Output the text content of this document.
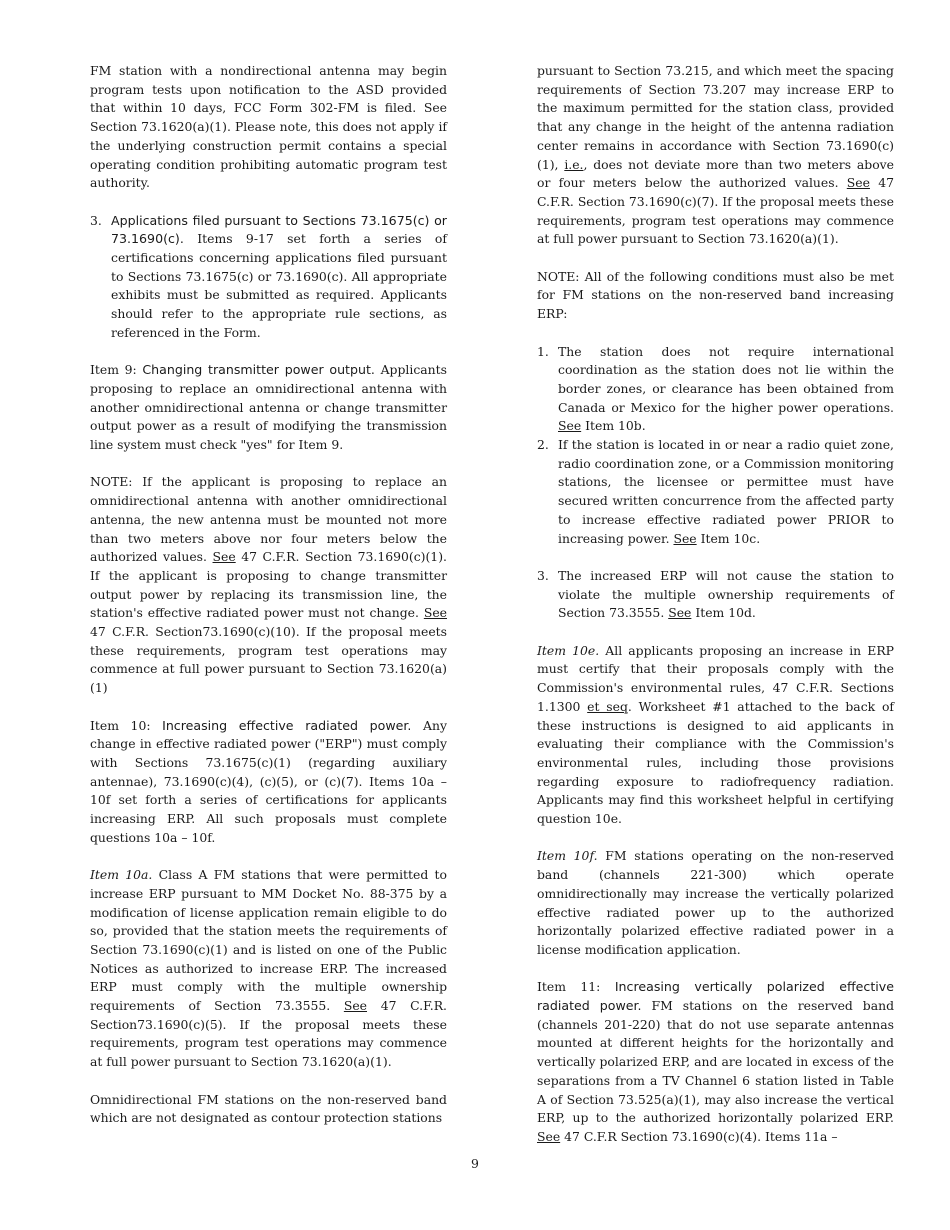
FM station with a nondirectional antenna may begin program tests upon notification to the ASD provided that within 10 days, FCC Form 302-FM is filed. See Section 73.1620(a)(1). Please note, this does not apply if the underlying construction permit contains a special operating condition prohibiting automatic program test authority.

3. Applications filed pursuant to Sections 73.1675(c) or 73.1690(c). Items 9-17 set forth a series of certifications concerning applications filed pursuant to Sections 73.1675(c) or 73.1690(c). All appropriate exhibits must be submitted as required. Applicants should refer to the appropriate rule sections, as referenced in the Form.

Item 9: Changing transmitter power output. Applicants proposing to replace an omnidirectional antenna with another omnidirectional antenna or change transmitter output power as a result of modifying the transmission line system must check "yes" for Item 9.

NOTE: If the applicant is proposing to replace an omnidirectional antenna with another omnidirectional antenna, the new antenna must be mounted not more than two meters above nor four meters below the authorized values. See 47 C.F.R. Section 73.1690(c)(1). If the applicant is proposing to change transmitter output power by replacing its transmission line, the station's effective radiated power must not change. See 47 C.F.R. Section73.1690(c)(10). If the proposal meets these requirements, program test operations may commence at full power pursuant to Section 73.1620(a)(1)

Item 10: Increasing effective radiated power. Any change in effective radiated power ("ERP") must comply with Sections 73.1675(c)(1) (regarding auxiliary antennae), 73.1690(c)(4), (c)(5), or (c)(7). Items 10a – 10f set forth a series of certifications for applicants increasing ERP. All such proposals must complete questions 10a – 10f.

Item 10a. Class A FM stations that were permitted to increase ERP pursuant to MM Docket No. 88-375 by a modification of license application remain eligible to do so, provided that the station meets the requirements of Section 73.1690(c)(1) and is listed on one of the Public Notices as authorized to increase ERP. The increased ERP must comply with the multiple ownership requirements of Section 73.3555. See 47 C.F.R. Section73.1690(c)(5). If the proposal meets these requirements, program test operations may commence at full power pursuant to Section 73.1620(a)(1).

Omnidirectional FM stations on the non-reserved band which are not designated as contour protection stations

pursuant to Section 73.215, and which meet the spacing requirements of Section 73.207 may increase ERP to the maximum permitted for the station class, provided that any change in the height of the antenna radiation center remains in accordance with Section 73.1690(c)(1), i.e., does not deviate more than two meters above or four meters below the authorized values. See 47 C.F.R. Section 73.1690(c)(7). If the proposal meets these requirements, program test operations may commence at full power pursuant to Section 73.1620(a)(1).

NOTE: All of the following conditions must also be met for FM stations on the non-reserved band increasing ERP:

1. The station does not require international coordination as the station does not lie within the border zones, or clearance has been obtained from Canada or Mexico for the higher power operations. See Item 10b.
2. If the station is located in or near a radio quiet zone, radio coordination zone, or a Commission monitoring stations, the licensee or permittee must have secured written concurrence from the affected party to increase effective radiated power PRIOR to increasing power. See Item 10c.
3. The increased ERP will not cause the station to violate the multiple ownership requirements of Section 73.3555. See Item 10d.

Item 10e. All applicants proposing an increase in ERP must certify that their proposals comply with the Commission's environmental rules, 47 C.F.R. Sections 1.1300 et seq. Worksheet #1 attached to the back of these instructions is designed to aid applicants in evaluating their compliance with the Commission's environmental rules, including those provisions regarding exposure to radiofrequency radiation. Applicants may find this worksheet helpful in certifying question 10e.

Item 10f. FM stations operating on the non-reserved band (channels 221-300) which operate omnidirectionally may increase the vertically polarized effective radiated power up to the authorized horizontally polarized effective radiated power in a license modification application.

Item 11: Increasing vertically polarized effective radiated power. FM stations on the reserved band (channels 201-220) that do not use separate antennas mounted at different heights for the horizontally and vertically polarized ERP, and are located in excess of the separations from a TV Channel 6 station listed in Table A of Section 73.525(a)(1), may also increase the vertical ERP, up to the authorized horizontally polarized ERP. See 47 C.F.R Section 73.1690(c)(4). Items 11a –

9
